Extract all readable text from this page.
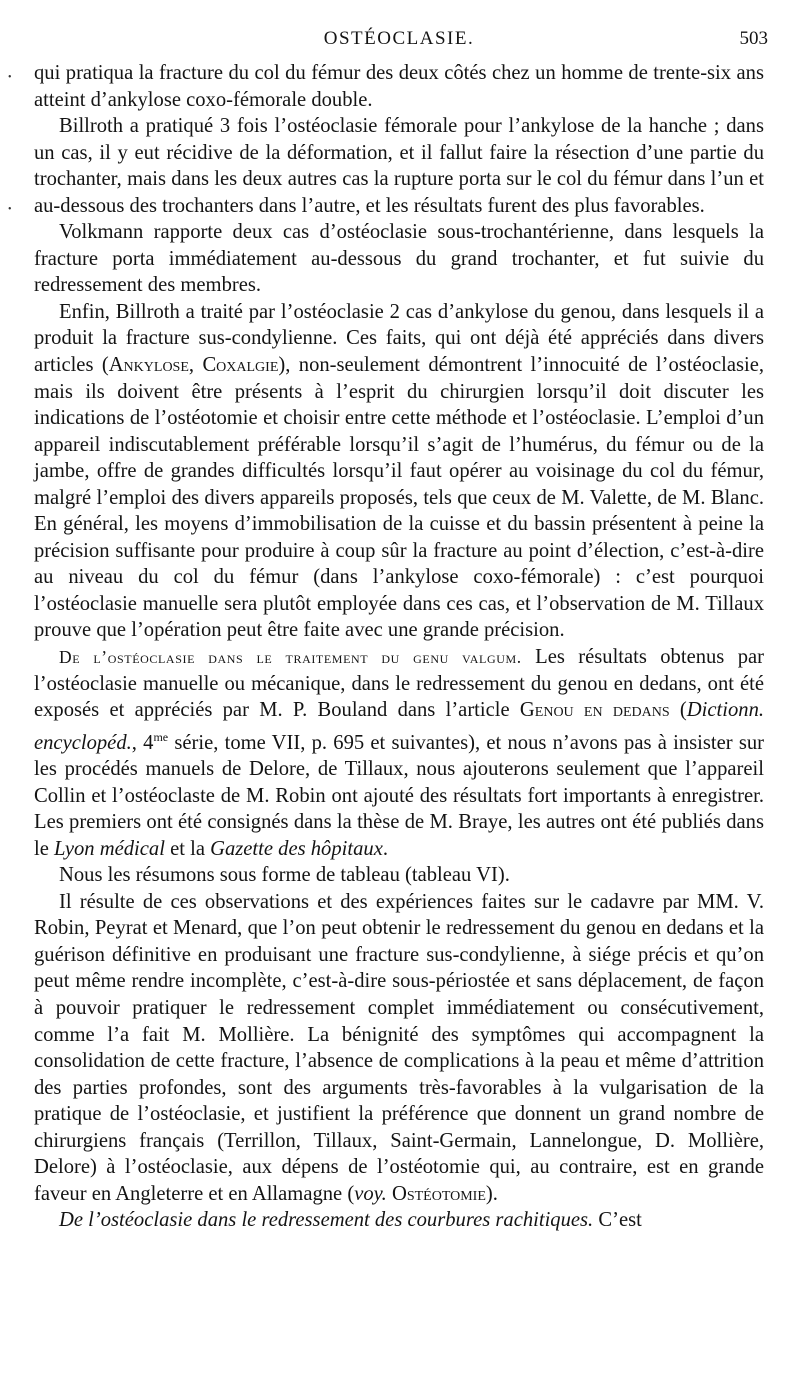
OSTÉOCLASIE.	503
•
•

qui pratiqua la fracture du col du fémur des deux côtés chez un homme de trente-six ans atteint d’ankylose coxo-fémorale double.

Billroth a pratiqué 3 fois l’ostéoclasie fémorale pour l’ankylose de la hanche ; dans un cas, il y eut récidive de la déformation, et il fallut faire la résection d’une partie du trochanter, mais dans les deux autres cas la rupture porta sur le col du fémur dans l’un et au-dessous des trochanters dans l’autre, et les résultats furent des plus favorables.

Volkmann rapporte deux cas d’ostéoclasie sous-trochantérienne, dans lesquels la fracture porta immédiatement au-dessous du grand trochanter, et fut suivie du redressement des membres.

Enfin, Billroth a traité par l’ostéoclasie 2 cas d’ankylose du genou, dans lesquels il a produit la fracture sus-condylienne. Ces faits, qui ont déjà été appréciés dans divers articles (Ankylose, Coxalgie), non-seulement démontrent l’innocuité de l’ostéoclasie, mais ils doivent être présents à l’esprit du chirurgien lorsqu’il doit discuter les indications de l’ostéotomie et choisir entre cette méthode et l’ostéoclasie. L’emploi d’un appareil indiscutablement préférable lorsqu’il s’agit de l’humérus, du fémur ou de la jambe, offre de grandes difficultés lorsqu’il faut opérer au voisinage du col du fémur, malgré l’emploi des divers appareils proposés, tels que ceux de M. Valette, de M. Blanc. En général, les moyens d’immobilisation de la cuisse et du bassin présentent à peine la précision suffisante pour produire à coup sûr la fracture au point d’élection, c’est-à-dire au niveau du col du fémur (dans l’ankylose coxo-fémorale) : c’est pourquoi l’ostéoclasie manuelle sera plutôt employée dans ces cas, et l’observation de M. Tillaux prouve que l’opération peut être faite avec une grande précision.

De l’ostéoclasie dans le traitement du genu valgum. Les résultats obtenus par l’ostéoclasie manuelle ou mécanique, dans le redressement du genou en dedans, ont été exposés et appréciés par M. P. Bouland dans l’article Genou en dedans (Dictionn. encyclopéd., $4^{me}$ série, tome VII, p. 695 et suivantes), et nous n’avons pas à insister sur les procédés manuels de Delore, de Tillaux, nous ajouterons seulement que l’appareil Collin et l’ostéoclaste de M. Robin ont ajouté des résultats fort importants à enregistrer. Les premiers ont été consignés dans la thèse de M. Braye, les autres ont été publiés dans le Lyon médical et la Gazette des hôpitaux.

Nous les résumons sous forme de tableau (tableau VI).

Il résulte de ces observations et des expériences faites sur le cadavre par MM. V. Robin, Peyrat et Menard, que l’on peut obtenir le redressement du genou en dedans et la guérison définitive en produisant une fracture sus-condylienne, à siége précis et qu’on peut même rendre incomplète, c’est-à-dire sous-périostée et sans déplacement, de façon à pouvoir pratiquer le redressement complet immédiatement ou consécutivement, comme l’a fait M. Mollière. La bénignité des symptômes qui accompagnent la consolidation de cette fracture, l’absence de complications à la peau et même d’attrition des parties profondes, sont des arguments très-favorables à la vulgarisation de la pratique de l’ostéoclasie, et justifient la préférence que donnent un grand nombre de chirurgiens français (Terrillon, Tillaux, Saint-Germain, Lannelongue, D. Mollière, Delore) à l’ostéoclasie, aux dépens de l’ostéotomie qui, au contraire, est en grande faveur en Angleterre et en Allamagne (voy. Ostéotomie).

De l’ostéoclasie dans le redressement des courbures rachitiques. C’est
